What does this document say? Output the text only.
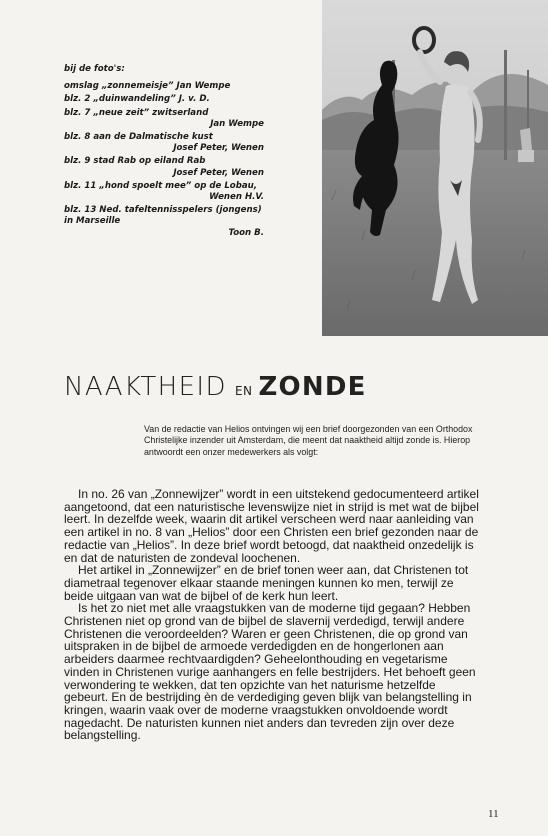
bij de foto's:
omslag „zonnemeisje” Jan Wempe
blz. 2 „duinwandeling” J. v. D.
blz. 7 „neue zeit” zwitserland
Jan Wempe
blz. 8 aan de Dalmatische kust
Josef Peter, Wenen
blz. 9 stad Rab op eiland Rab
Josef Peter, Wenen
blz. 11 „hond spoelt mee” op de Lobau,
Wenen H.V.
blz. 13 Ned. tafeltennisspelers (jongens) in Marseille
Toon B.
NAAKTHEID EN ZONDE

Van de redactie van Helios ontvingen wij een brief doorgezonden van een Orthodox Christelijke inzender uit Amsterdam, die meent dat naaktheid altijd zonde is. Hierop antwoordt een onzer medewerkers als volgt:

In no. 26 van „Zonnewijzer” wordt in een uitstekend gedocumenteerd artikel aangetoond, dat een naturistische levenswijze niet in strijd is met wat de bijbel leert. In dezelfde week, waarin dit artikel verscheen werd naar aanleiding van een artikel in no. 8 van „Helios” door een Christen een brief gezonden naar de redactie van „Helios”. In deze brief wordt betoogd, dat naaktheid onzedelijk is en dat de naturisten de zondeval loochenen.

Het artikel in „Zonnewijzer” en de brief tonen weer aan, dat Christenen tot diametraal tegenover elkaar staande meningen kunnen ko men, terwijl ze beide uitgaan van wat de bijbel of de kerk hun leert.

Is het zo niet met alle vraagstukken van de moderne tijd gegaan? Hebben Christenen niet op grond van de bijbel de slavernij verdedigd, terwijl andere Christenen die veroordeelden? Waren er geen Christenen, die op grond van uitspraken in de bijbel de armoede verdedigden en de hongerlonen aan arbeiders daarmee rechtvaardigden? Geheelonthouding en vegetarisme vinden in Christenen vurige aanhangers en felle bestrijders. Het behoeft geen verwondering te wekken, dat ten opzichte van het naturisme hetzelfde gebeurt. En de bestrijding èn de verdediging geven blijk van belangstelling in kringen, waarin vaak over de moderne vraagstukken onvoldoende wordt nagedacht. De naturisten kunnen niet anders dan tevreden zijn over deze belangstelling.

11
